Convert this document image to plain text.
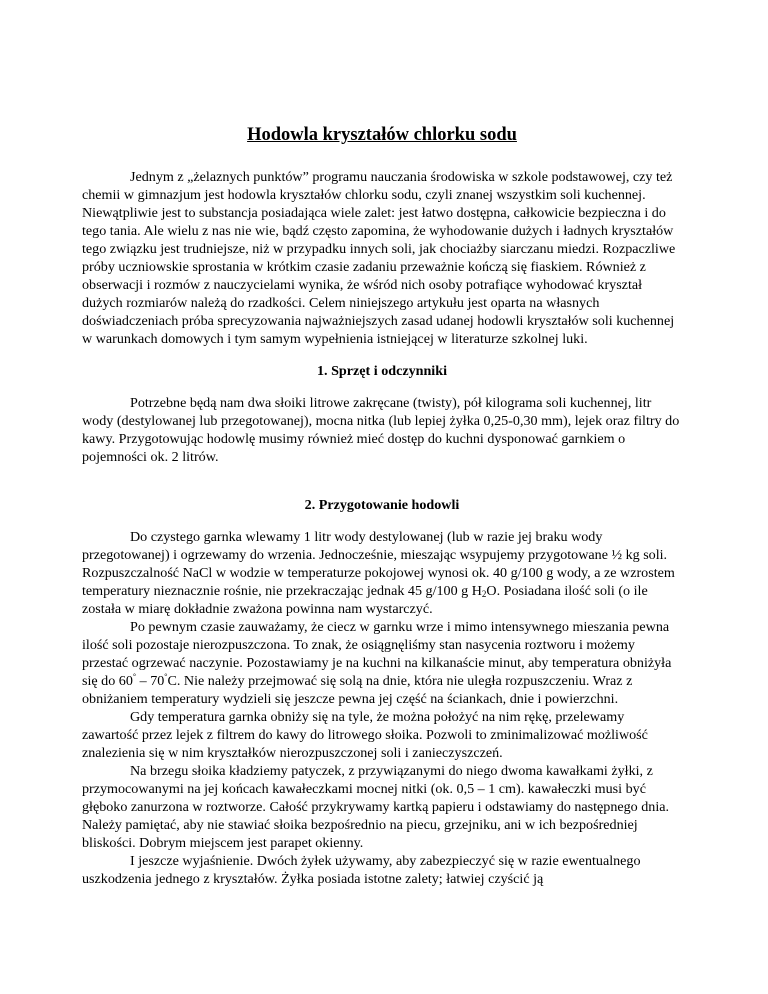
Hodowla kryształów chlorku sodu

Jednym z „żelaznych punktów” programu nauczania środowiska w szkole podstawowej, czy też chemii w gimnazjum jest hodowla kryształów chlorku sodu, czyli znanej wszystkim soli kuchennej. Niewątpliwie jest to substancja posiadająca wiele zalet: jest łatwo dostępna, całkowicie bezpieczna i do tego tania. Ale wielu z nas nie wie, bądź często zapomina, że wyhodowanie dużych i ładnych kryształów tego związku jest trudniejsze, niż w przypadku innych soli, jak chociażby siarczanu miedzi. Rozpaczliwe próby uczniowskie sprostania w krótkim czasie zadaniu przeważnie kończą się fiaskiem. Również z obserwacji i rozmów z nauczycielami wynika, że wśród nich osoby potrafiące wyhodować kryształ dużych rozmiarów należą do rzadkości. Celem niniejszego artykułu jest oparta na własnych doświadczeniach próba sprecyzowania najważniejszych zasad udanej hodowli kryształów soli kuchennej w warunkach domowych i tym samym wypełnienia istniejącej w literaturze szkolnej luki.

1. Sprzęt i odczynniki

Potrzebne będą nam dwa słoiki litrowe zakręcane (twisty), pół kilograma soli kuchennej, litr wody (destylowanej lub przegotowanej), mocna nitka (lub lepiej żyłka 0,25-0,30 mm), lejek oraz filtry do kawy. Przygotowując hodowlę musimy również mieć dostęp do kuchni dysponować garnkiem o pojemności ok. 2 litrów.

2. Przygotowanie hodowli

Do czystego garnka wlewamy 1 litr wody destylowanej (lub w razie jej braku wody przegotowanej) i ogrzewamy do wrzenia. Jednocześnie, mieszając wsypujemy przygotowane ½ kg soli. Rozpuszczalność NaCl w wodzie w temperaturze pokojowej wynosi ok. 40 g/100 g wody, a ze wzrostem temperatury nieznacznie rośnie, nie przekraczając jednak 45 g/100 g $H_2O$. Posiadana ilość soli (o ile została w miarę dokładnie zważona powinna nam wystarczyć.

Po pewnym czasie zauważamy, że ciecz w garnku wrze i mimo intensywnego mieszania pewna ilość soli pozostaje nierozpuszczona. To znak, że osiągnęliśmy stan nasycenia roztworu i możemy przestać ogrzewać naczynie. Pozostawiamy je na kuchni na kilkanaście minut, aby temperatura obniżyła się do 60° – 70°C. Nie należy przejmować się solą na dnie, która nie uległa rozpuszczeniu. Wraz z obniżaniem temperatury wydzieli się jeszcze pewna jej część na ściankach, dnie i powierzchni.

Gdy temperatura garnka obniży się na tyle, że można położyć na nim rękę, przelewamy zawartość przez lejek z filtrem do kawy do litrowego słoika. Pozwoli to zminimalizować możliwość znalezienia się w nim kryształków nierozpuszczonej soli i zanieczyszczeń.

Na brzegu słoika kładziemy patyczek, z przywiązanymi do niego dwoma kawałkami żyłki, z przymocowanymi na jej końcach kawałeczkami mocnej nitki (ok. 0,5 – 1 cm). kawałeczki musi być głęboko zanurzona w roztworze. Całość przykrywamy kartką papieru i odstawiamy do następnego dnia. Należy pamiętać, aby nie stawiać słoika bezpośrednio na piecu, grzejniku, ani w ich bezpośredniej bliskości. Dobrym miejscem jest parapet okienny.

I jeszcze wyjaśnienie. Dwóch żyłek używamy, aby zabezpieczyć się w razie ewentualnego uszkodzenia jednego z kryształów. Żyłka posiada istotne zalety; łatwiej czyścić ją
